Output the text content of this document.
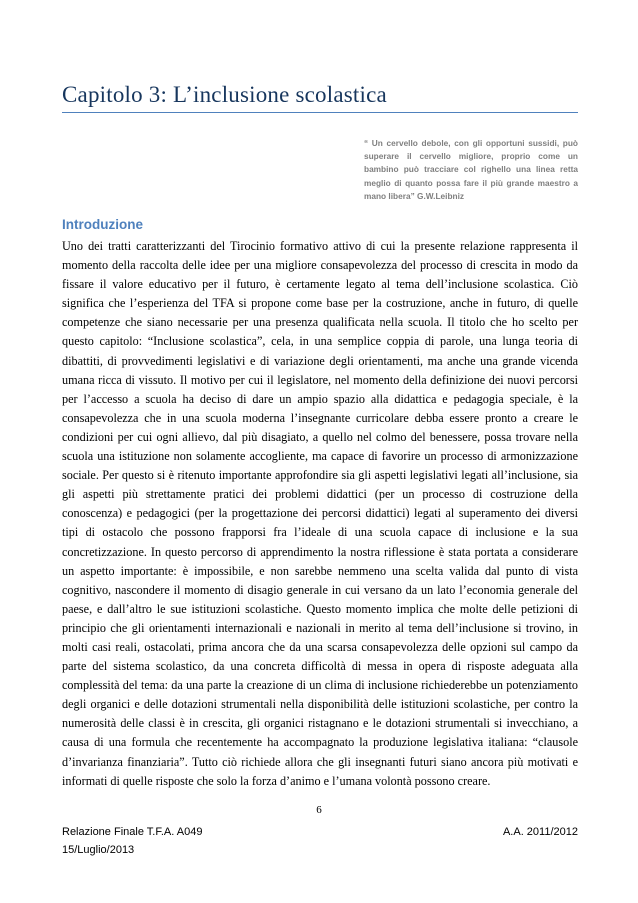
Capitolo 3: L’inclusione scolastica
“ Un cervello debole, con gli opportuni sussidi, può superare il cervello migliore, proprio come un bambino può tracciare col righello una linea retta meglio di quanto possa fare il più grande maestro a mano libera” G.W.Leibniz
Introduzione

Uno dei tratti caratterizzanti del Tirocinio formativo attivo di cui la presente relazione rappresenta il momento della raccolta delle idee per una migliore consapevolezza del processo di crescita in modo da fissare il valore educativo per il futuro, è certamente legato al tema dell’inclusione scolastica. Ciò significa che l’esperienza del TFA si propone come base per la costruzione, anche in futuro, di quelle competenze che siano necessarie per una presenza qualificata nella scuola. Il titolo che ho scelto per questo capitolo: “Inclusione scolastica”, cela, in una semplice coppia di parole, una lunga teoria di dibattiti, di provvedimenti legislativi e di variazione degli orientamenti, ma anche una grande vicenda umana ricca di vissuto. Il motivo per cui il legislatore, nel momento della definizione dei nuovi percorsi per l’accesso a scuola ha deciso di dare un ampio spazio alla didattica e pedagogia speciale, è la consapevolezza che in una scuola moderna l’insegnante curricolare debba essere pronto a creare le condizioni per cui ogni allievo, dal più disagiato, a quello nel colmo del benessere, possa trovare nella scuola una istituzione non solamente accogliente, ma capace di favorire un processo di armonizzazione sociale. Per questo si è ritenuto importante approfondire sia gli aspetti legislativi legati all’inclusione, sia gli aspetti più strettamente pratici dei problemi didattici (per un processo di costruzione della conoscenza) e pedagogici (per la progettazione dei percorsi didattici) legati al superamento dei diversi tipi di ostacolo che possono frapporsi fra l’ideale di una scuola capace di inclusione e la sua concretizzazione. In questo percorso di apprendimento la nostra riflessione è stata portata a considerare un aspetto importante: è impossibile, e non sarebbe nemmeno una scelta valida dal punto di vista cognitivo, nascondere il momento di disagio generale in cui versano da un lato l’economia generale del paese, e dall’altro le sue istituzioni scolastiche. Questo momento implica che molte delle petizioni di principio che gli orientamenti internazionali e nazionali in merito al tema dell’inclusione si trovino, in molti casi reali, ostacolati, prima ancora che da una scarsa consapevolezza delle opzioni sul campo da parte del sistema scolastico, da una concreta difficoltà di messa in opera di risposte adeguata alla complessità del tema: da una parte la creazione di un clima di inclusione richiederebbe un potenziamento degli organici e delle dotazioni strumentali nella disponibilità delle istituzioni scolastiche, per contro la numerosità delle classi è in crescita, gli organici ristagnano e le dotazioni strumentali si invecchiano, a causa di una formula che recentemente ha accompagnato la produzione legislativa italiana: “clausole d’invarianza finanziaria”. Tutto ciò richiede allora che gli insegnanti futuri siano ancora più motivati e informati di quelle risposte che solo la forza d’animo e l’umana volontà possono creare.

6
Relazione Finale T.F.A. A049
15/Luglio/2013
A.A. 2011/2012
